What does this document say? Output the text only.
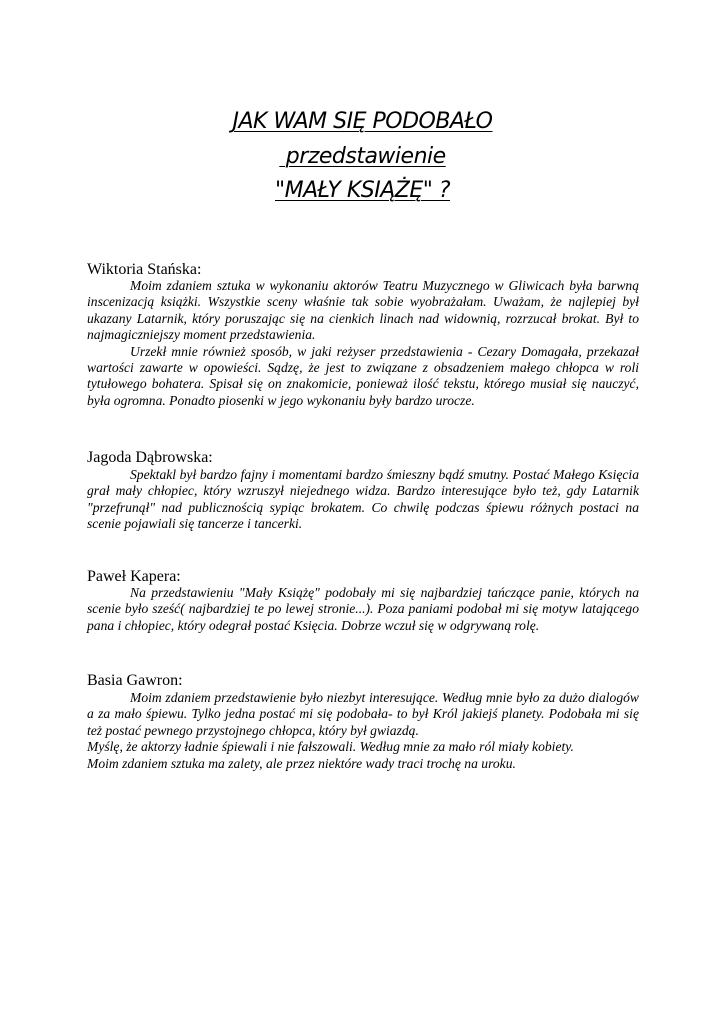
JAK WAM SIĘ PODOBAŁO
przedstawienie
"MAŁY KSIĄŻĘ" ?
Wiktoria Stańska:

Moim zdaniem sztuka w wykonaniu aktorów Teatru Muzycznego w Gliwicach była barwną inscenizacją książki. Wszystkie sceny właśnie tak sobie wyobrażałam. Uważam, że najlepiej był ukazany Latarnik, który poruszając się na cienkich linach nad widownią, rozrzucał brokat. Był to najmagiczniejszy moment przedstawienia.

Urzekł mnie również sposób, w jaki reżyser przedstawienia - Cezary Domagała, przekazał wartości zawarte w opowieści. Sądzę, że jest to związane z obsadzeniem małego chłopca w roli tytułowego bohatera. Spisał się on znakomicie, ponieważ ilość tekstu, którego musiał się nauczyć, była ogromna. Ponadto piosenki w jego wykonaniu były bardzo urocze.

Jagoda Dąbrowska:

Spektakl był bardzo fajny i momentami bardzo śmieszny bądź smutny. Postać Małego Księcia grał mały chłopiec, który wzruszył niejednego widza. Bardzo interesujące było też, gdy Latarnik "przefrunął" nad publicznością sypiąc brokatem. Co chwilę podczas śpiewu różnych postaci na scenie pojawiali się tancerze i tancerki.

Paweł Kapera:

Na przedstawieniu "Mały Książę" podobały mi się najbardziej tańczące panie, których na scenie było sześć( najbardziej te po lewej stronie...). Poza paniami podobał mi się motyw latającego pana i chłopiec, który odegrał postać Księcia. Dobrze wczuł się w odgrywaną rolę.

Basia Gawron:

Moim zdaniem przedstawienie było niezbyt interesujące. Według mnie było za dużo dialogów a za mało śpiewu. Tylko jedna postać mi się podobała- to był Król jakiejś planety. Podobała mi się też postać pewnego przystojnego chłopca, który był gwiazdą.

Myślę, że aktorzy ładnie śpiewali i nie fałszowali. Według mnie za mało ról miały kobiety.

Moim zdaniem sztuka ma zalety, ale przez niektóre wady traci trochę na uroku.
